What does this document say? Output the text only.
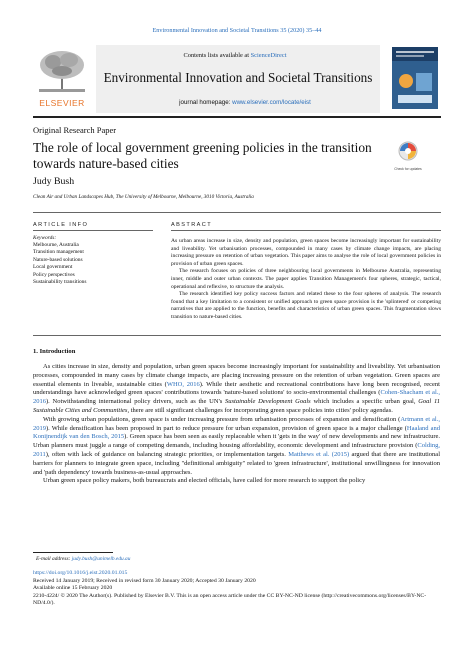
Environmental Innovation and Societal Transitions 35 (2020) 35–44
ELSEVIER
Contents lists available at ScienceDirect
Environmental Innovation and Societal Transitions
journal homepage: www.elsevier.com/locate/eist
Original Research Paper
The role of local government greening policies in the transition towards nature-based cities	Check for updates
Judy Bush
Clean Air and Urban Landscapes Hub, The University of Melbourne, Melbourne, 3010 Victoria, Australia
ARTICLE INFO	ABSTRACT
Keywords:
Melbourne, Australia
Transition management
Nature-based solutions
Local government
Policy perspectives
Sustainability transitions

As urban areas increase in size, density and population, green spaces become increasingly important for sustainability and liveability. Yet urbanisation processes, compounded in many cases by climate change impacts, are placing increasing pressure on retention of urban vegetation. This paper aims to analyse the role of local government policies in provision of urban green spaces.

The research focuses on policies of three neighbouring local governments in Melbourne Australia, representing inner, middle and outer urban contexts. The paper applies Transition Management's four spheres, strategic, tactical, operational and reflexive, to structure the analysis.

The research identified key policy success factors and related these to the four spheres of analysis. The research found that a key limitation to a consistent or unified approach to green space provision is the 'splintered' or competing narratives that are applied to the function, benefits and characteristics of urban green spaces. This fragmentation slows transition to nature-based cities.

1. Introduction

As cities increase in size, density and population, urban green spaces become increasingly important for sustainability and liveability. Yet urbanisation processes, compounded in many cases by climate change impacts, are placing increasing pressure on the retention of urban vegetation. Green spaces are essential elements in liveable, sustainable cities (WHO, 2016). While their aesthetic and recreational contributions have long been recognised, recent understandings have acknowledged green spaces' contributions towards 'nature-based solutions' to socio-environmental challenges (Cohen-Shacham et al., 2016). Notwithstanding international policy drivers, such as the UN's Sustainable Development Goals which includes a specific urban goal, Goal 11 Sustainable Cities and Communities, there are still significant challenges for incorporating green space policies into cities' policy agendas.

With growing urban populations, green space is under increasing pressure from urbanisation processes of expansion and densification (Artmann et al., 2019). While densification has been proposed in part to reduce pressure for urban expansion, provision of green space is a major challenge (Haaland and Konijnendijk van den Bosch, 2015). Green space has been seen as easily replaceable when it 'gets in the way' of new developments and new infrastructure. Urban planners must juggle a range of competing demands, including housing affordability, economic development and infrastructure provision (Colding, 2011), often with lack of guidance on balancing strategic priorities, or implementation targets. Matthews et al. (2015) argued that there are institutional barriers for planners to integrate green space, including "definitional ambiguity" related to 'green infrastructure', institutional unwillingness for innovation and 'path dependency' towards business-as-usual approaches.

Urban green space policy makers, both bureaucrats and elected officials, have called for more research to support the policy

E-mail address: judy.bush@unimelb.edu.au
https://doi.org/10.1016/j.eist.2020.01.015
Received 14 January 2019; Received in revised form 30 January 2020; Accepted 30 January 2020
Available online 15 February 2020
2210-4224/ © 2020 The Author(s). Published by Elsevier B.V. This is an open access article under the CC BY-NC-ND license (http://creativecommons.org/licenses/BY-NC-ND/4.0/).
